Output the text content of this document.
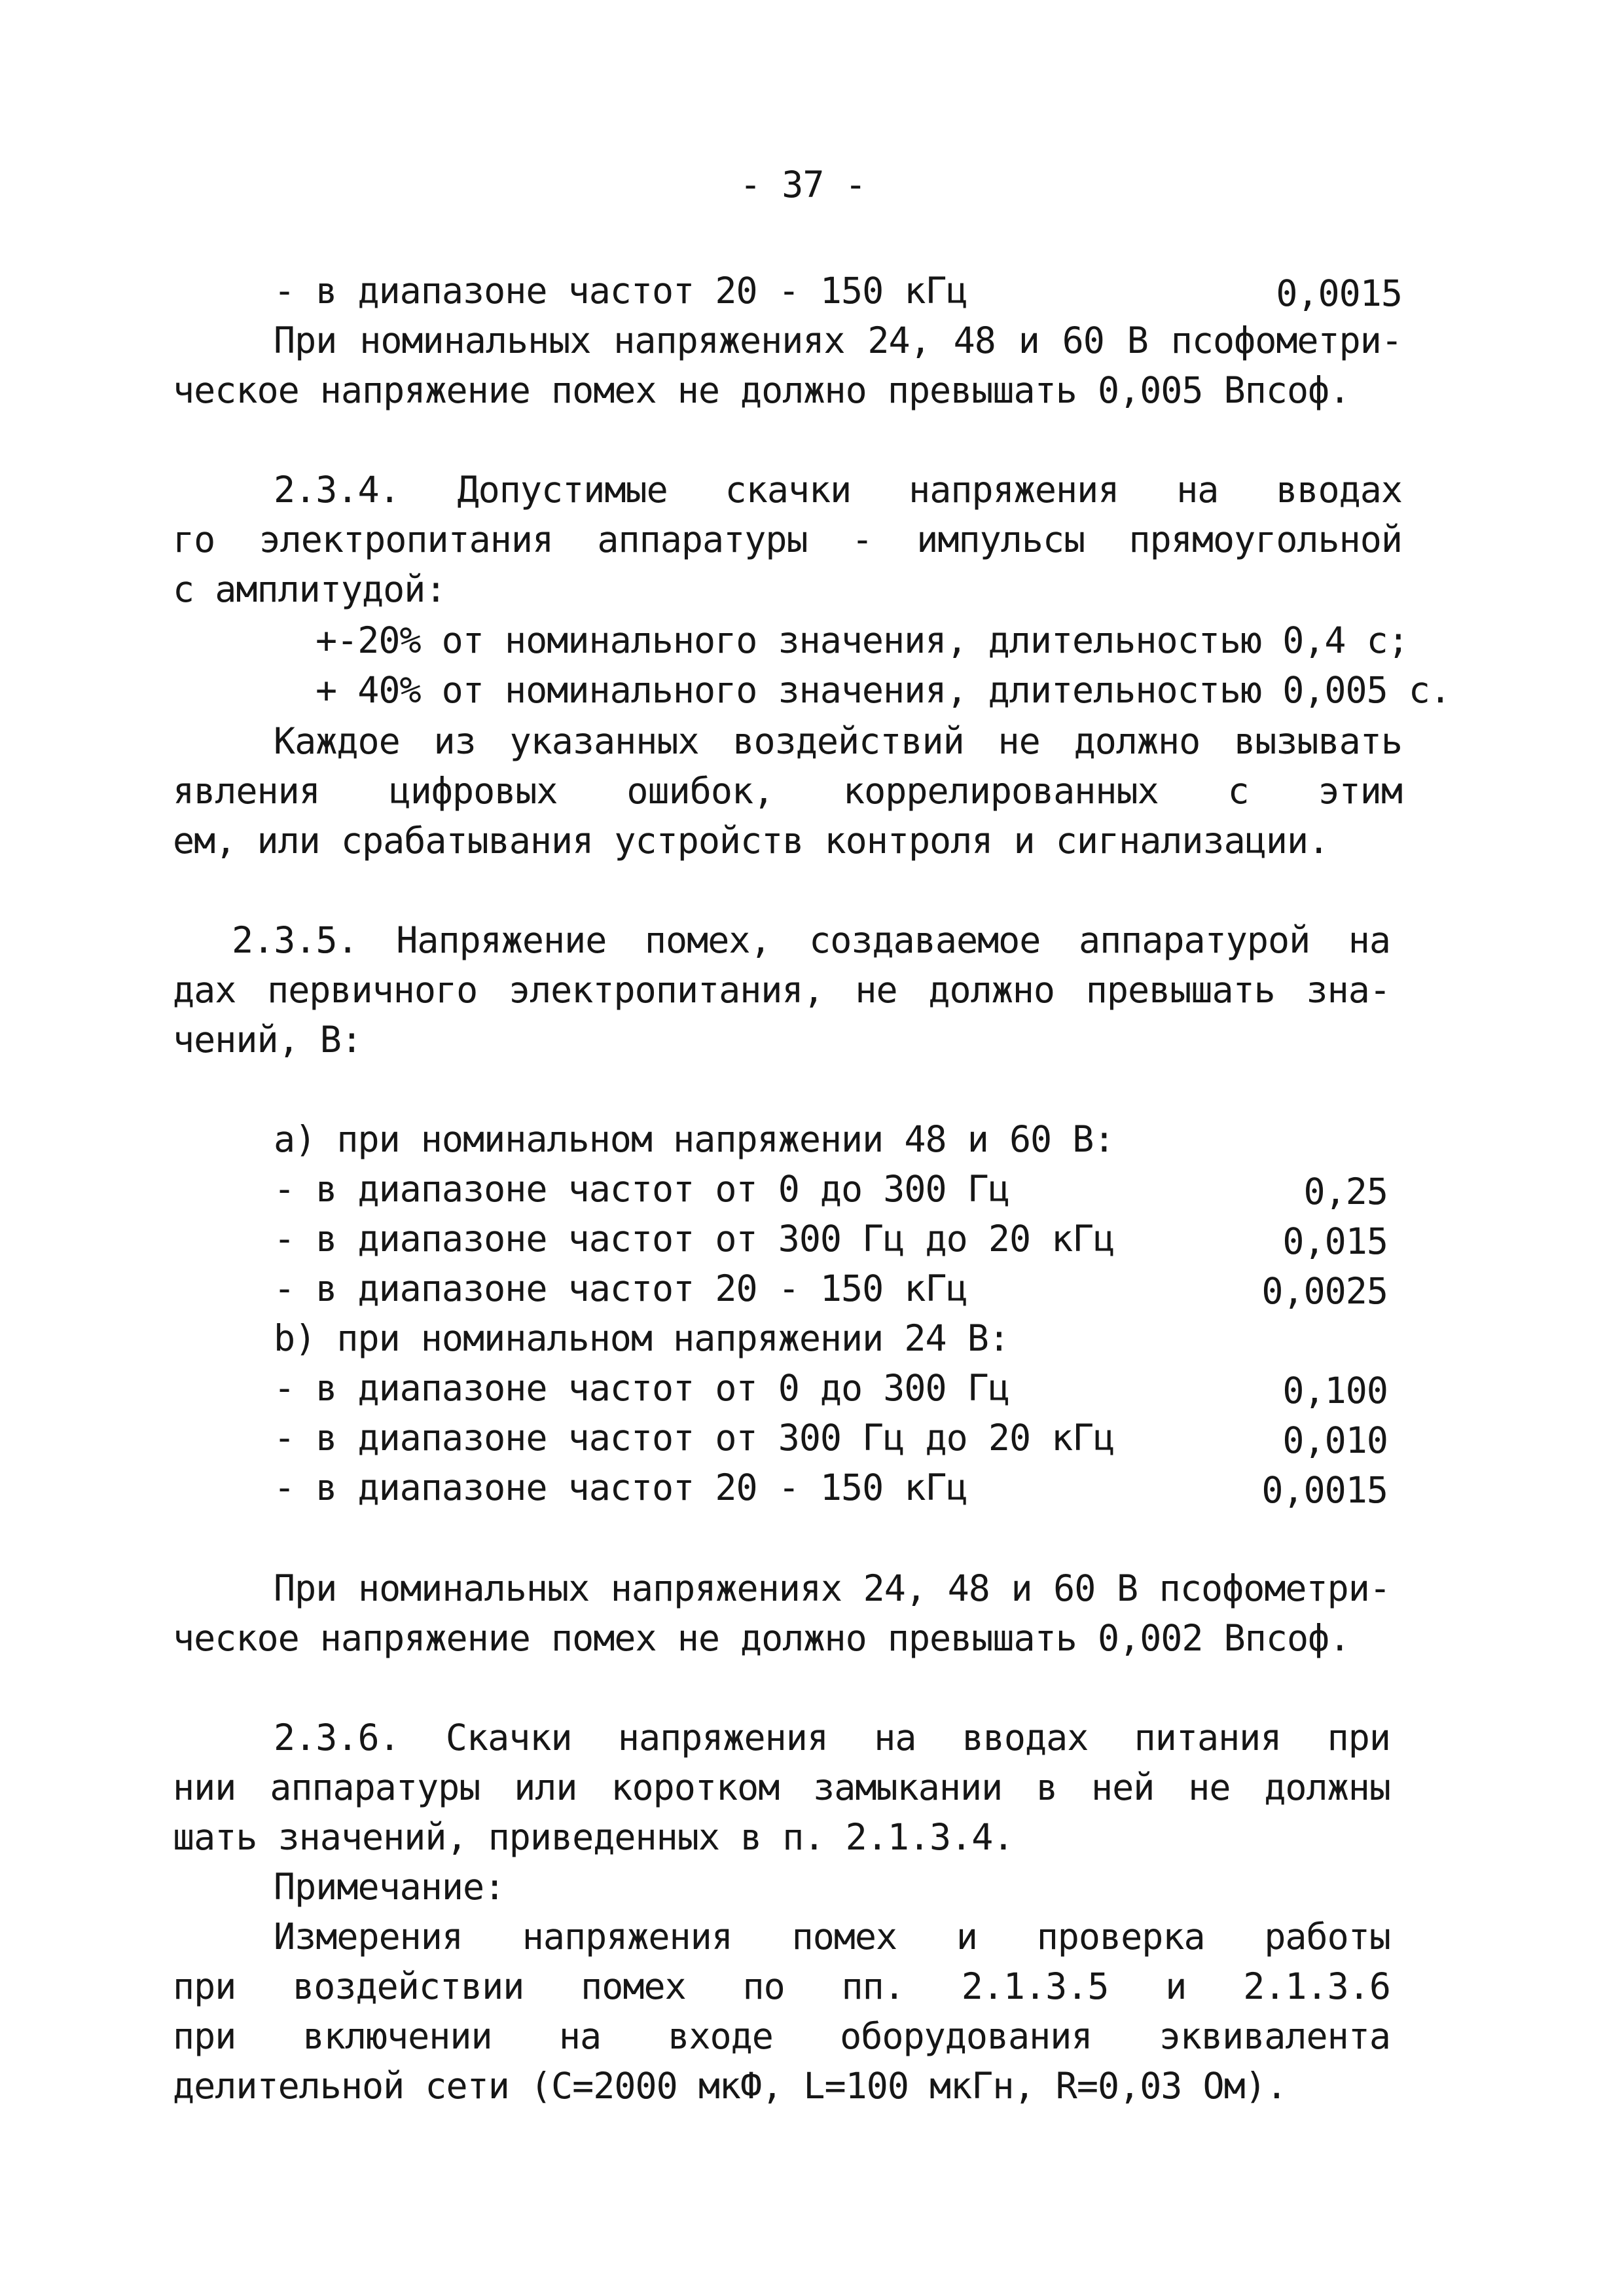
- 37 -
- в диапазоне частот 20 - 150 кГц	0,0015
При номинальных напряжениях 24, 48 и 60 В псофометри-
ческое напряжение помех не должно превышать 0,005 Впсоф.
2.3.4. Допустимые скачки напряжения на вводах
го электропитания аппаратуры - импульсы прямоугольной
с амплитудой:
+-20% от номинального значения, длительностью 0,4 с;
+ 40% от номинального значения, длительностью 0,005 с.
Каждое из указанных воздействий не должно вызывать
явления цифровых ошибок, коррелированных с этим
ем, или срабатывания устройств контроля и сигнализации.
2.3.5. Напряжение помех, создаваемое аппаратурой на
дах первичного электропитания, не должно превышать зна-
чений, В:
а) при номинальном напряжении 48 и 60 В:
- в диапазоне частот от 0 до 300 Гц	0,25
- в диапазоне частот от 300 Гц до 20 кГц	0,015
- в диапазоне частот 20 - 150 кГц	0,0025
b) при номинальном напряжении 24 В:
- в диапазоне частот от 0 до 300 Гц	0,100
- в диапазоне частот от 300 Гц до 20 кГц	0,010
- в диапазоне частот 20 - 150 кГц	0,0015
При номинальных напряжениях 24, 48 и 60 В псофометри-
ческое напряжение помех не должно превышать 0,002 Впсоф.
2.3.6. Скачки напряжения на вводах питания при
нии аппаратуры или коротком замыкании в ней не должны
шать значений, приведенных в п. 2.1.3.4.
Примечание:
Измерения напряжения помех и проверка работы
при воздействии помех по пп. 2.1.3.5 и 2.1.3.6
при включении на входе оборудования эквивалента
делительной сети (С=2000 мкФ, L=100 мкГн, R=0,03 Ом).
